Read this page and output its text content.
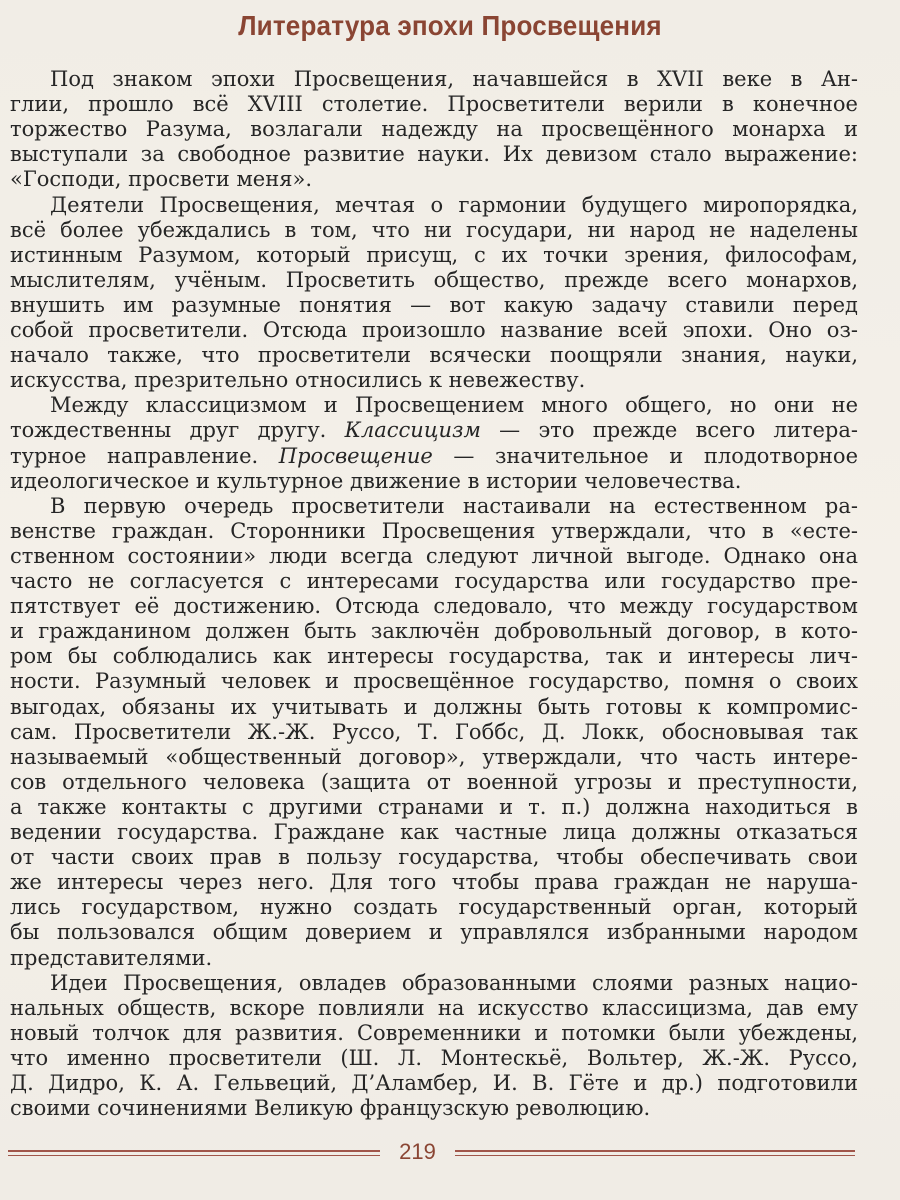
Литература эпохи Просвещения
Под знаком эпохи Просвещения, начавшейся в XVII веке в Ан-
глии, прошло всё XVIII столетие. Просветители верили в конечное
торжество Разума, возлагали надежду на просвещённого монарха и
выступали за свободное развитие науки. Их девизом стало выражение:
«Господи, просвети меня».
Деятели Просвещения, мечтая о гармонии будущего миропорядка,
всё более убеждались в том, что ни государи, ни народ не наделены
истинным Разумом, который присущ, с их точки зрения, философам,
мыслителям, учёным. Просветить общество, прежде всего монархов,
внушить им разумные понятия — вот какую задачу ставили перед
собой просветители. Отсюда произошло название всей эпохи. Оно оз-
начало также, что просветители всячески поощряли знания, науки,
искусства, презрительно относились к невежеству.
Между классицизмом и Просвещением много общего, но они не
тождественны друг другу. Классицизм — это прежде всего литера-
турное направление. Просвещение — значительное и плодотворное
идеологическое и культурное движение в истории человечества.
В первую очередь просветители настаивали на естественном ра-
венстве граждан. Сторонники Просвещения утверждали, что в «есте-
ственном состоянии» люди всегда следуют личной выгоде. Однако она
часто не согласуется с интересами государства или государство пре-
пятствует её достижению. Отсюда следовало, что между государством
и гражданином должен быть заключён добровольный договор, в кото-
ром бы соблюдались как интересы государства, так и интересы лич-
ности. Разумный человек и просвещённое государство, помня о своих
выгодах, обязаны их учитывать и должны быть готовы к компромис-
сам. Просветители Ж.-Ж. Руссо, Т. Гоббс, Д. Локк, обосновывая так
называемый «общественный договор», утверждали, что часть интере-
сов отдельного человека (защита от военной угрозы и преступности,
а также контакты с другими странами и т. п.) должна находиться в
ведении государства. Граждане как частные лица должны отказаться
от части своих прав в пользу государства, чтобы обеспечивать свои
же интересы через него. Для того чтобы права граждан не наруша-
лись государством, нужно создать государственный орган, который
бы пользовался общим доверием и управлялся избранными народом
представителями.
Идеи Просвещения, овладев образованными слоями разных нацио-
нальных обществ, вскоре повлияли на искусство классицизма, дав ему
новый толчок для развития. Современники и потомки были убеждены,
что именно просветители (Ш. Л. Монтескьё, Вольтер, Ж.-Ж. Руссо,
Д. Дидро, К. А. Гельвеций, Д’Аламбер, И. В. Гёте и др.) подготовили
своими сочинениями Великую французскую революцию.
219
